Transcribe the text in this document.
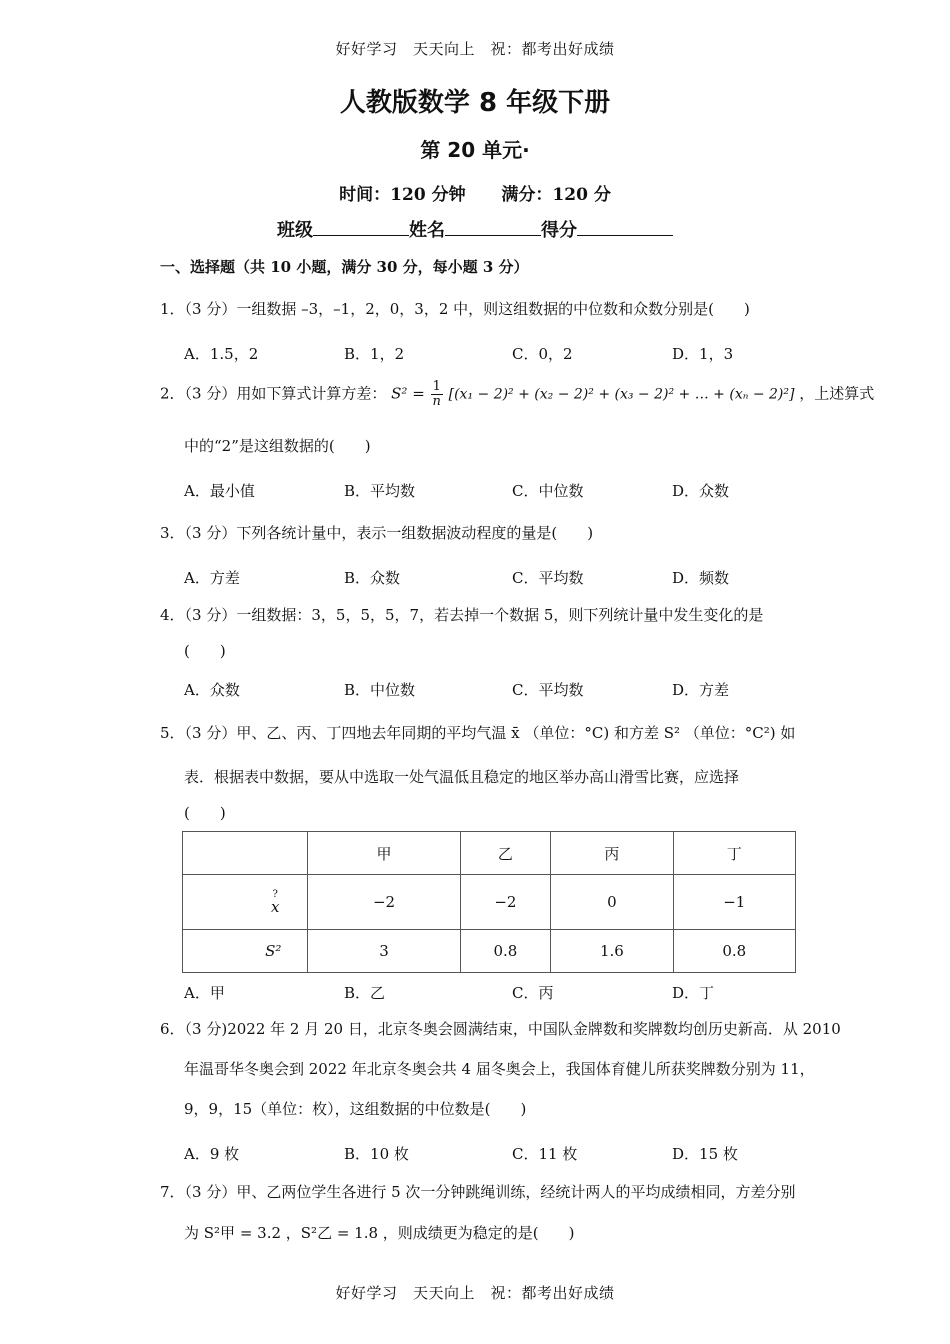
好好学习　天天向上　祝：都考出好成绩
人教版数学 8 年级下册
第 20 单元·
时间：120 分钟 满分：120 分
班级	姓名	得分
一、选择题（共 10 小题，满分 30 分，每小题 3 分）
1．（3 分）一组数据 –3，–1，2，0，3，2 中，则这组数据的中位数和众数分别是(　　)
A．1.5，2	B．1，2	C．0，2	D．1，3
2．（3 分）用如下算式计算方差： $S^2 = \frac{1}{n} [(x_1 - 2)^2 + (x_2 - 2)^2 + (x_3 - 2)^2$ + … + (xₙ − 2)²] ，上述算式
中的“2”是这组数据的(　　)
A．最小值	B．平均数	C．中位数	D．众数
3．（3 分）下列各统计量中，表示一组数据波动程度的量是(　　)
A．方差	B．众数	C．平均数	D．频数
4．（3 分）一组数据：3，5，5，5，7，若去掉一个数据 5，则下列统计量中发生变化的是
(　　)
A．众数	B．中位数	C．平均数	D．方差
5．（3 分）甲、乙、丙、丁四地去年同期的平均气温 x̄ （单位：°C) 和方差 S² （单位：°C²) 如
表．根据表中数据，要从中选取一处气温低且稳定的地区举办高山滑雪比赛，应选择
(　　)
	甲	乙	丙	丁

?
x	−2	−2	0	−1
S²	3	0.8	1.6	0.8
A．甲	B．乙	C．丙	D．丁
6．（3 分)2022 年 2 月 20 日，北京冬奥会圆满结束，中国队金牌数和奖牌数均创历史新高．从 2010
年温哥华冬奥会到 2022 年北京冬奥会共 4 届冬奥会上，我国体育健儿所获奖牌数分别为 11，
9，9，15（单位：枚），这组数据的中位数是(　　)
A．9 枚	B．10 枚	C．11 枚	D．15 枚
7．（3 分）甲、乙两位学生各进行 5 次一分钟跳绳训练，经统计两人的平均成绩相同，方差分别
为 S²甲 = 3.2 ，S²乙 = 1.8 ，则成绩更为稳定的是(　　)
好好学习　天天向上　祝：都考出好成绩
